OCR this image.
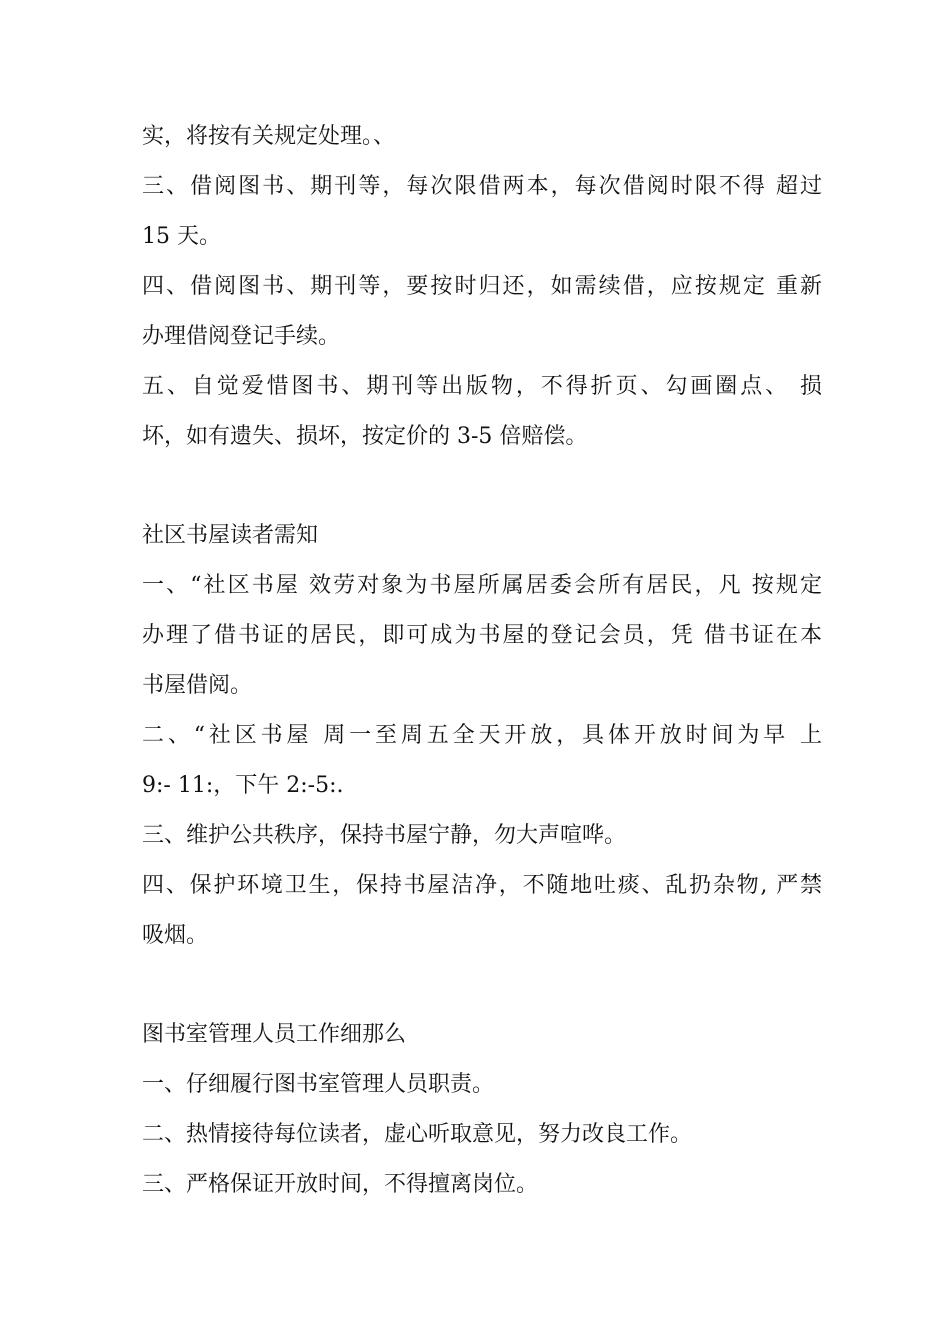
实，将按有关规定处理。、
三、借阅图书、期刊等，每次限借两本，每次借阅时限不得 超过
15 天。
四、借阅图书、期刊等，要按时归还，如需续借，应按规定 重新
办理借阅登记手续。
五、自觉爱惜图书、期刊等出版物，不得折页、勾画圈点、 损
坏，如有遗失、损坏，按定价的 3-5 倍赔偿。
社区书屋读者需知
一、“社区书屋 效劳对象为书屋所属居委会所有居民，凡 按规定
办理了借书证的居民，即可成为书屋的登记会员，凭 借书证在本
书屋借阅。
二、“社区书屋 周一至周五全天开放，具体开放时间为早 上
9:- 11:，下午 2:-5:.
三、维护公共秩序，保持书屋宁静，勿大声喧哗。
四、保护环境卫生，保持书屋洁净，不随地吐痰、乱扔杂物, 严禁
吸烟。
图书室管理人员工作细那么
一、仔细履行图书室管理人员职责。
二、热情接待每位读者，虚心听取意见，努力改良工作。
三、严格保证开放时间，不得擅离岗位。
